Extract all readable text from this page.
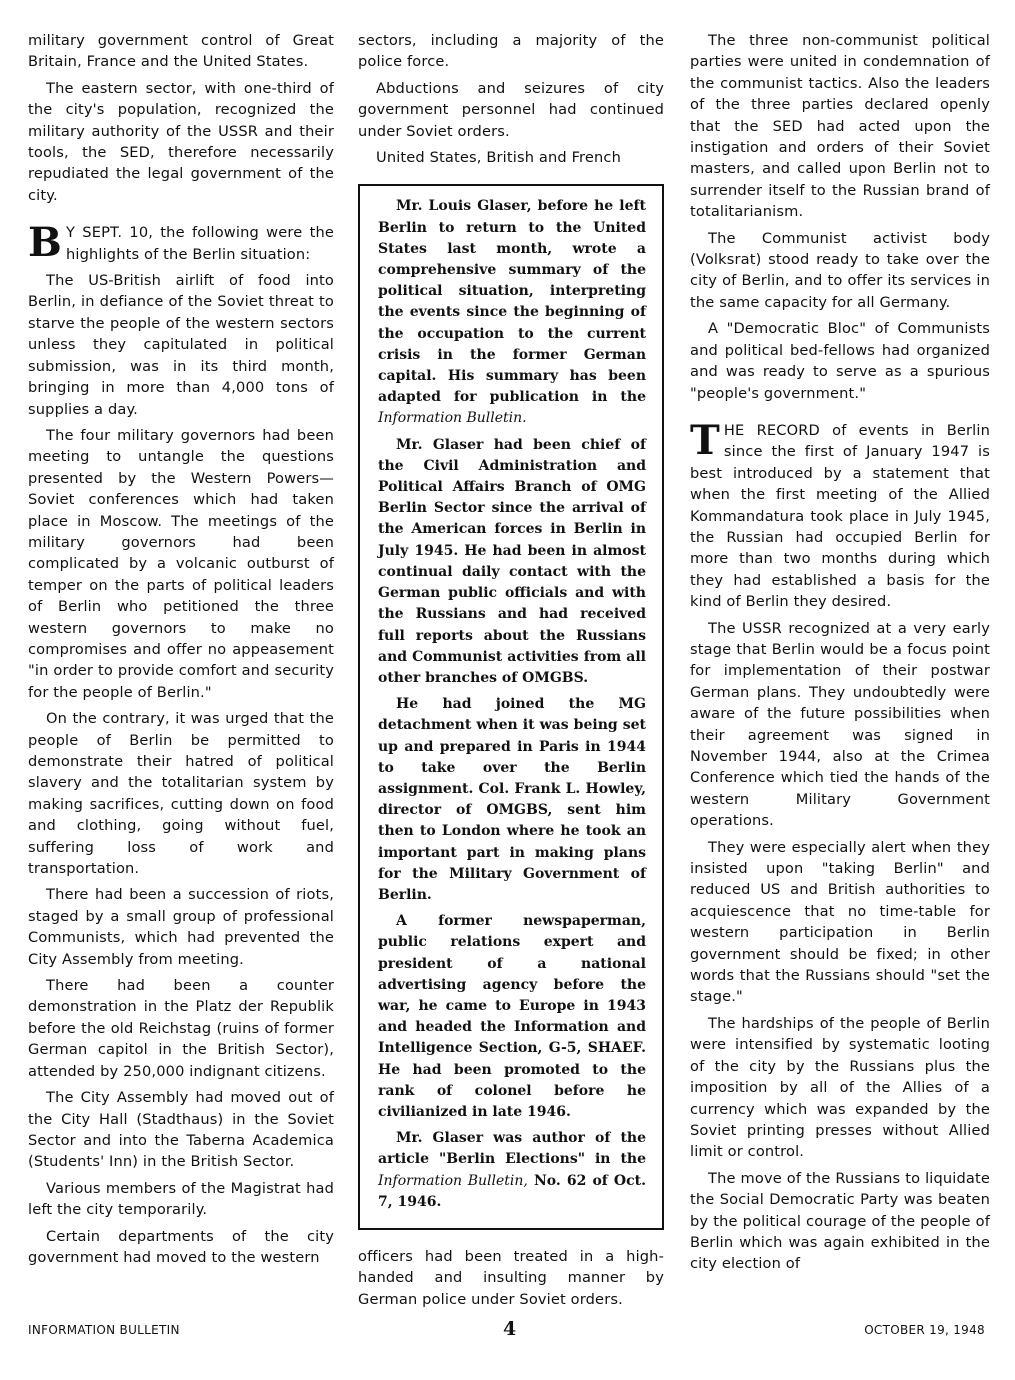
military government control of Great Britain, France and the United States.

The eastern sector, with one-third of the city's population, recognized the military authority of the USSR and their tools, the SED, therefore necessarily repudiated the legal government of the city.

B Y SEPT. 10, the following were the highlights of the Berlin situation:

The US-British airlift of food into Berlin, in defiance of the Soviet threat to starve the people of the western sectors unless they capitulated in political submission, was in its third month, bringing in more than 4,000 tons of supplies a day.

The four military governors had been meeting to untangle the questions presented by the Western Powers—Soviet conferences which had taken place in Moscow. The meetings of the military governors had been complicated by a volcanic outburst of temper on the parts of political leaders of Berlin who petitioned the three western governors to make no compromises and offer no appeasement "in order to provide comfort and security for the people of Berlin."

On the contrary, it was urged that the people of Berlin be permitted to demonstrate their hatred of political slavery and the totalitarian system by making sacrifices, cutting down on food and clothing, going without fuel, suffering loss of work and transportation.

There had been a succession of riots, staged by a small group of professional Communists, which had prevented the City Assembly from meeting.

There had been a counter demonstration in the Platz der Republik before the old Reichstag (ruins of former German capitol in the British Sector), attended by 250,000 indignant citizens.

The City Assembly had moved out of the City Hall (Stadthaus) in the Soviet Sector and into the Taberna Academica (Students' Inn) in the British Sector.

Various members of the Magistrat had left the city temporarily.

Certain departments of the city government had moved to the western

sectors, including a majority of the police force.

Abductions and seizures of city government personnel had continued under Soviet orders.

United States, British and French

Mr. Louis Glaser, before he left Berlin to return to the United States last month, wrote a comprehensive summary of the political situation, interpreting the events since the beginning of the occupation to the current crisis in the former German capital. His summary has been adapted for publication in the Information Bulletin.

Mr. Glaser had been chief of the Civil Administration and Political Affairs Branch of OMG Berlin Sector since the arrival of the American forces in Berlin in July 1945. He had been in almost continual daily contact with the German public officials and with the Russians and had received full reports about the Russians and Communist activities from all other branches of OMGBS.

He had joined the MG detachment when it was being set up and prepared in Paris in 1944 to take over the Berlin assignment. Col. Frank L. Howley, director of OMGBS, sent him then to London where he took an important part in making plans for the Military Government of Berlin.

A former newspaperman, public relations expert and president of a national advertising agency before the war, he came to Europe in 1943 and headed the Information and Intelligence Section, G-5, SHAEF. He had been promoted to the rank of colonel before he civilianized in late 1946.

Mr. Glaser was author of the article "Berlin Elections" in the Information Bulletin, No. 62 of Oct. 7, 1946.

officers had been treated in a high-handed and insulting manner by German police under Soviet orders.

The three non-communist political parties were united in condemnation of the communist tactics. Also the leaders of the three parties declared openly that the SED had acted upon the instigation and orders of their Soviet masters, and called upon Berlin not to surrender itself to the Russian brand of totalitarianism.

The Communist activist body (Volksrat) stood ready to take over the city of Berlin, and to offer its services in the same capacity for all Germany.

A "Democratic Bloc" of Communists and political bed-fellows had organized and was ready to serve as a spurious "people's government."

THE RECORD of events in Berlin since the first of January 1947 is best introduced by a statement that when the first meeting of the Allied Kommandatura took place in July 1945, the Russian had occupied Berlin for more than two months during which they had established a basis for the kind of Berlin they desired.

The USSR recognized at a very early stage that Berlin would be a focus point for implementation of their postwar German plans. They undoubtedly were aware of the future possibilities when their agreement was signed in November 1944, also at the Crimea Conference which tied the hands of the western Military Government operations.

They were especially alert when they insisted upon "taking Berlin" and reduced US and British authorities to acquiescence that no time-table for western participation in Berlin government should be fixed; in other words that the Russians should "set the stage."

The hardships of the people of Berlin were intensified by systematic looting of the city by the Russians plus the imposition by all of the Allies of a currency which was expanded by the Soviet printing presses without Allied limit or control.

The move of the Russians to liquidate the Social Democratic Party was beaten by the political courage of the people of Berlin which was again exhibited in the city election of

INFORMATION BULLETIN	4	OCTOBER 19, 1948
